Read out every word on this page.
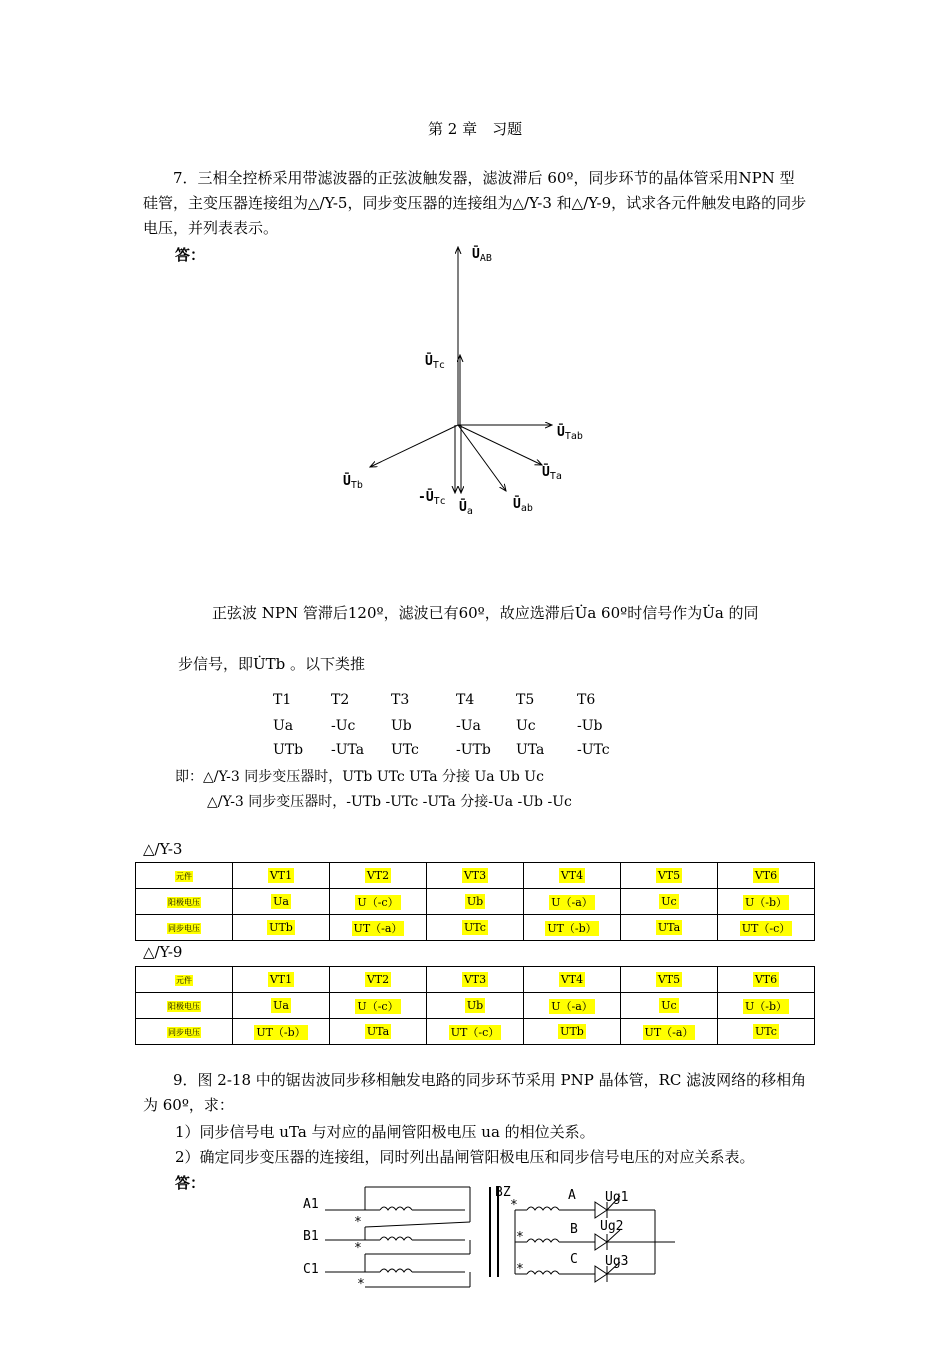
第 2 章　习题
7．三相全控桥采用带滤波器的正弦波触发器，滤波滞后 60º，同步环节的晶体管采用NPN 型硅管，主变压器连接组为△/Y-5，同步变压器的连接组为△/Y-3 和△/Y-9，试求各元件触发电路的同步电压，并列表表示。
答：	$Ū_{AB}$
$Ū_{Tc}$
$Ū_{Tab}$
$Ū_{Ta}$
$Ū_{Tb}$
$-Ū_{Tc}$ $Ū_a$	$Ū_{ab}$
正弦波 NPN 管滞后120º，滤波已有60º，故应选滞后U̇a 60º时信号作为U̇a 的同
步信号，即U̇Tb 。以下类推
T1	T2	T3	T4	T5	T6
Ua	-Uc	Ub	-Ua	Uc	-Ub
UTb -UTa UTc	-UTb UTa -UTc
即：△/Y-3 同步变压器时，UTb UTc UTa 分接 Ua Ub Uc
△/Y-3 同步变压器时，-UTb -UTc -UTa 分接-Ua -Ub -Uc
△/Y-3
元件	VT1	VT2	VT3	VT4	VT5	VT6
阳极电压	Ua	U（-c）	Ub	U（-a）	Uc	U（-b）
同步电压	UTb	UT（-a）	UTc	UT（-b）	UTa	UT（-c）
△/Y-9
元件	VT1	VT2	VT3	VT4	VT5	VT6
阳极电压	Ua	U（-c）	Ub	U（-a）	Uc	U（-b）
同步电压	UT（-b）	UTa	UT（-c）	UTb	UT（-a）	UTc
9．图 2-18 中的锯齿波同步移相触发电路的同步环节采用 PNP 晶体管，RC 滤波网络的移相角为 60º，求：
1）同步信号电 uTa 与对应的晶闸管阳极电压 ua 的相位关系。
2）确定同步变压器的连接组，同时列出晶闸管阳极电压和同步信号电压的对应关系表。
答：
A1
B1
C1
BZ	A
B
C
Ug1
Ug2
Ug3
*
*
*
*
*
*
